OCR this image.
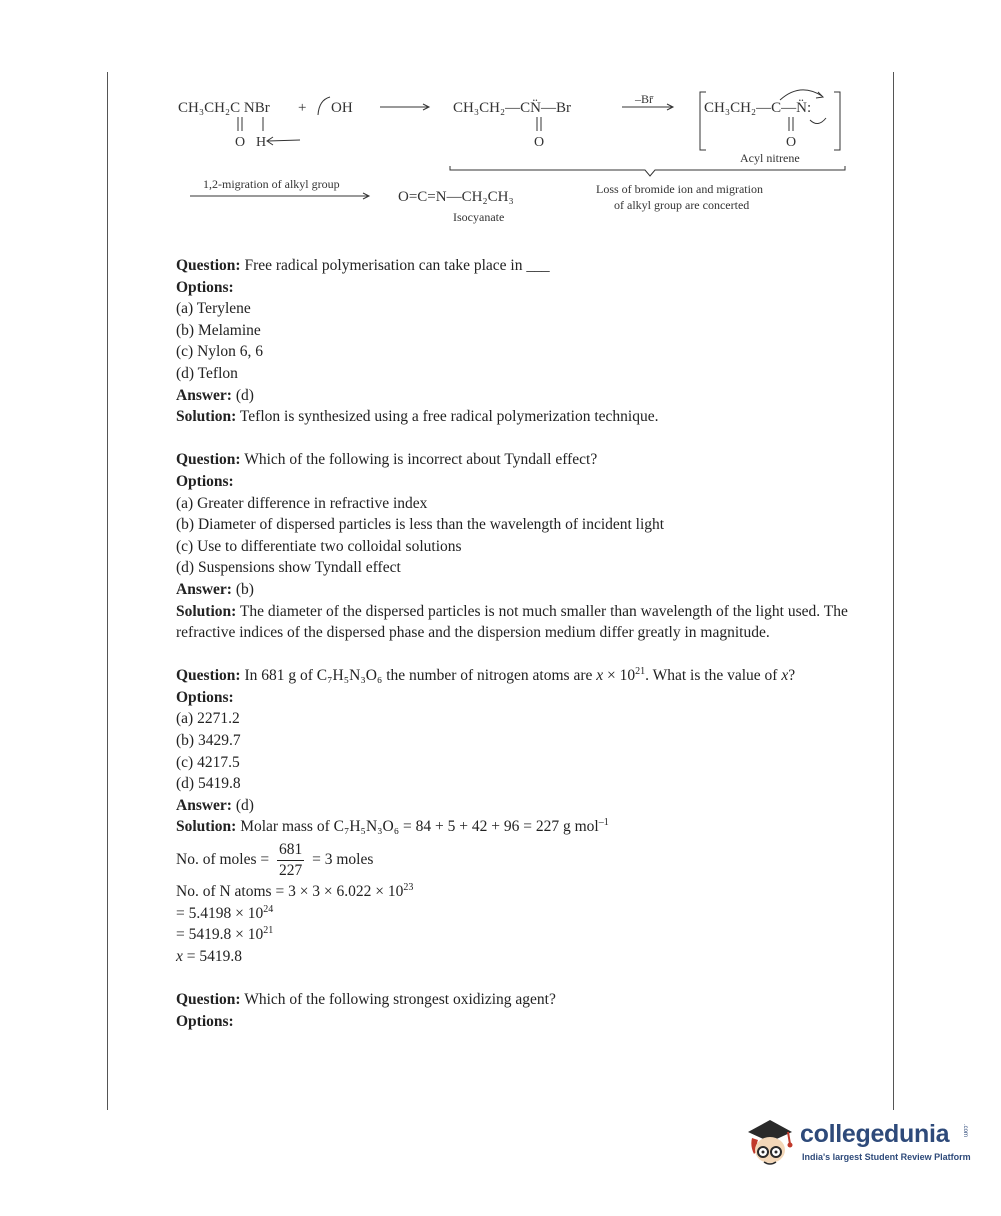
CH₃CH₂C NBr
O H
+ OH	CH₃CH₂—CN̈—Br
O
–Br̄
CH₃CH₂—C—N̈:
O
Acyl nitrene
1,2-migration of alkyl group
O=C=N—CH₂CH₃
Isocyanate
Loss of bromide ion and migration
of alkyl group are concerted
Question: Free radical polymerisation can take place in ___
Options:
(a) Terylene
(b) Melamine
(c) Nylon 6, 6
(d) Teflon
Answer: (d)
Solution: Teflon is synthesized using a free radical polymerization technique.
Question: Which of the following is incorrect about Tyndall effect?
Options:
(a) Greater difference in refractive index
(b) Diameter of dispersed particles is less than the wavelength of incident light
(c) Use to differentiate two colloidal solutions
(d) Suspensions show Tyndall effect
Answer: (b)
Solution: The diameter of the dispersed particles is not much smaller than wavelength of the light used. The refractive indices of the dispersed phase and the dispersion medium differ greatly in magnitude.
Question: In 681 g of C₇H₅N₃O₆ the number of nitrogen atoms are $x \times 10^{21}$. What is the value of x?
Options:
(a) 2271.2
(b) 3429.7
(c) 4217.5
(d) 5419.8
Answer: (d)
Solution: Molar mass of C₇H₅N₃O₆ = 84 + 5 + 42 + 96 = 227 g mol$^{-1}$
No. of moles = $\frac{681}{227} = 3$ moles
No. of N atoms = $3 \times 3 \times 6.022 \times 10^{23}$
= $5.4198 \times 10^{24}$
= $5419.8 \times 10^{21}$
x = 5419.8
Question: Which of the following strongest oxidizing agent?
Options:
collegedunia .com
India's largest Student Review Platform
